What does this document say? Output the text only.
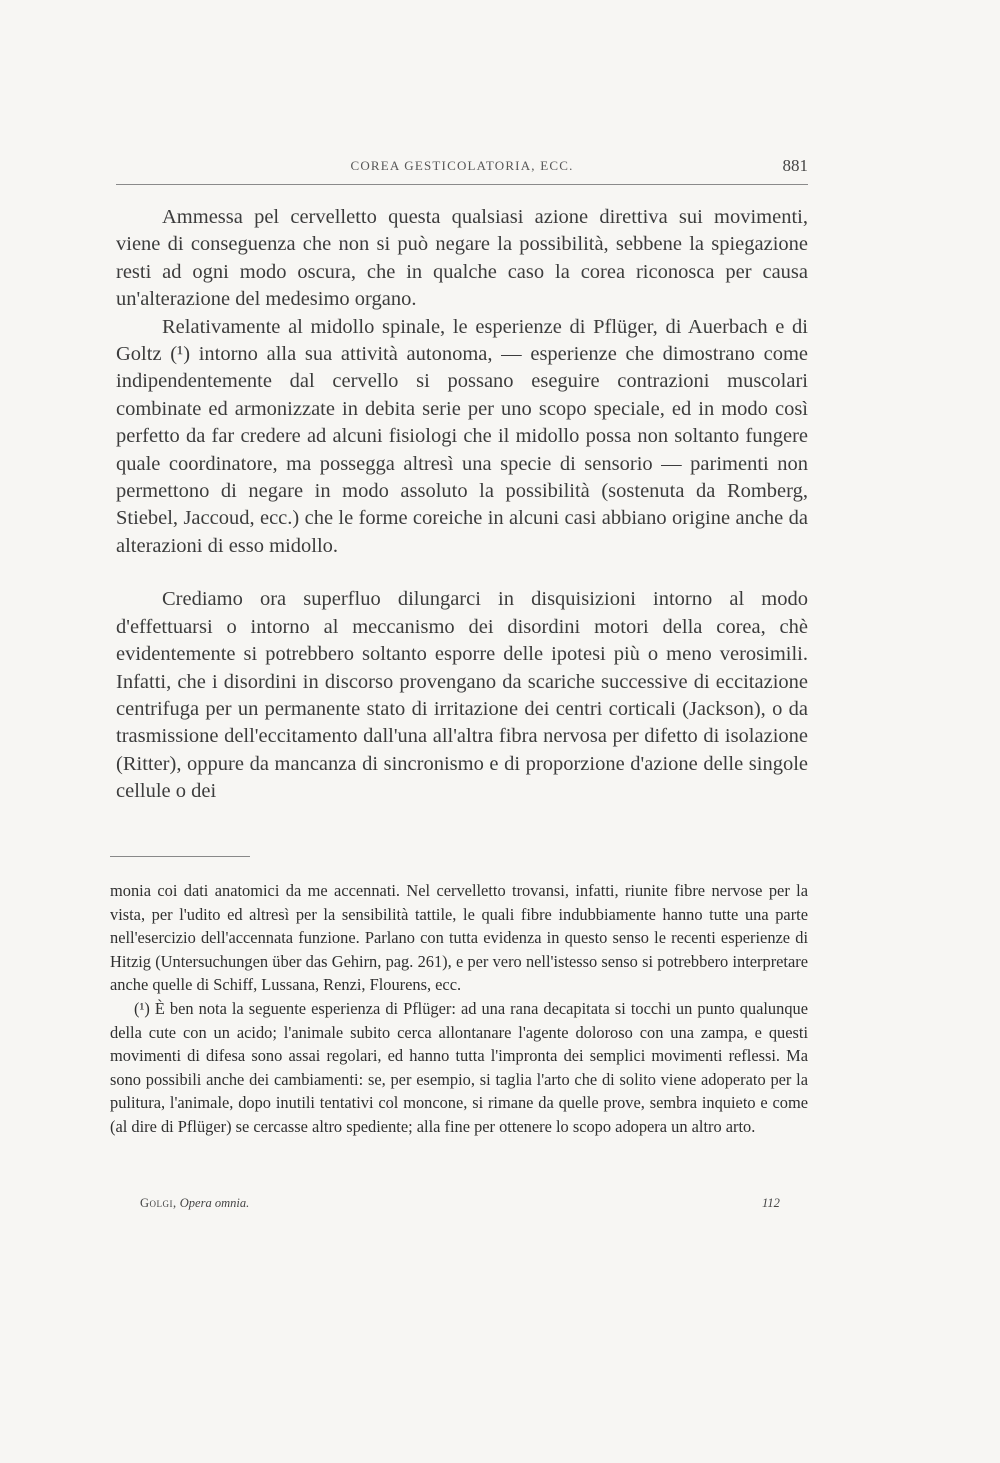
COREA GESTICOLATORIA, ECC.	881

Ammessa pel cervelletto questa qualsiasi azione direttiva sui movimenti, viene di conseguenza che non si può negare la possibilità, sebbene la spiegazione resti ad ogni modo oscura, che in qualche caso la corea riconosca per causa un'alterazione del medesimo organo.

Relativamente al midollo spinale, le esperienze di Pflüger, di Auerbach e di Goltz (¹) intorno alla sua attività autonoma, — esperienze che dimostrano come indipendentemente dal cervello si possano eseguire contrazioni muscolari combinate ed armonizzate in debita serie per uno scopo speciale, ed in modo così perfetto da far credere ad alcuni fisiologi che il midollo possa non soltanto fungere quale coordinatore, ma possegga altresì una specie di sensorio — parimenti non permettono di negare in modo assoluto la possibilità (sostenuta da Romberg, Stiebel, Jaccoud, ecc.) che le forme coreiche in alcuni casi abbiano origine anche da alterazioni di esso midollo.

Crediamo ora superfluo dilungarci in disquisizioni intorno al modo d'effettuarsi o intorno al meccanismo dei disordini motori della corea, chè evidentemente si potrebbero soltanto esporre delle ipotesi più o meno verosimili. Infatti, che i disordini in discorso provengano da scariche successive di eccitazione centrifuga per un permanente stato di irritazione dei centri corticali (Jackson), o da trasmissione dell'eccitamento dall'una all'altra fibra nervosa per difetto di isolazione (Ritter), oppure da mancanza di sincronismo e di proporzione d'azione delle singole cellule o dei

monia coi dati anatomici da me accennati. Nel cervelletto trovansi, infatti, riunite fibre nervose per la vista, per l'udito ed altresì per la sensibilità tattile, le quali fibre indubbiamente hanno tutte una parte nell'esercizio dell'accennata funzione. Parlano con tutta evidenza in questo senso le recenti esperienze di Hitzig (Untersuchungen über das Gehirn, pag. 261), e per vero nell'istesso senso si potrebbero interpretare anche quelle di Schiff, Lussana, Renzi, Flourens, ecc.

(¹) È ben nota la seguente esperienza di Pflüger: ad una rana decapitata si tocchi un punto qualunque della cute con un acido; l'animale subito cerca allontanare l'agente doloroso con una zampa, e questi movimenti di difesa sono assai regolari, ed hanno tutta l'impronta dei semplici movimenti reflessi. Ma sono possibili anche dei cambiamenti: se, per esempio, si taglia l'arto che di solito viene adoperato per la pulitura, l'animale, dopo inutili tentativi col moncone, si rimane da quelle prove, sembra inquieto e come (al dire di Pflüger) se cercasse altro spediente; alla fine per ottenere lo scopo adopera un altro arto.

Golgi, Opera omnia.	112
